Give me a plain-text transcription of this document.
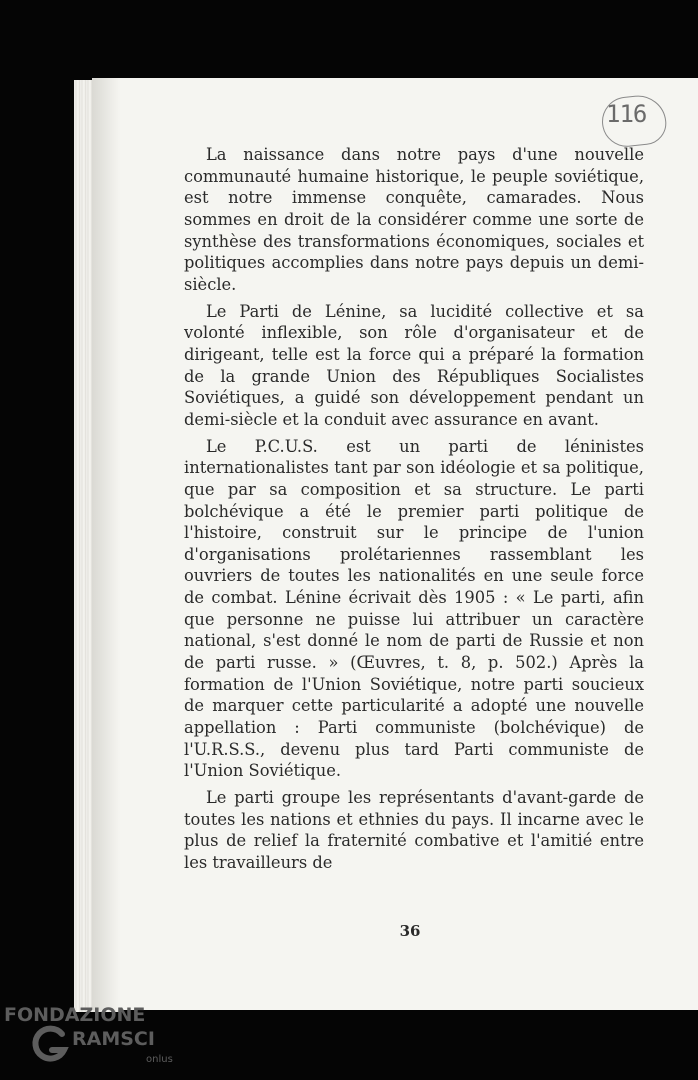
116

La naissance dans notre pays d'une nouvelle communauté humaine historique, le peuple soviétique, est notre immense conquête, camarades. Nous sommes en droit de la considérer comme une sorte de synthèse des transformations économiques, sociales et politiques accomplies dans notre pays depuis un demi-siècle.

Le Parti de Lénine, sa lucidité collective et sa volonté inflexible, son rôle d'organisateur et de dirigeant, telle est la force qui a préparé la formation de la grande Union des Républiques Socialistes Soviétiques, a guidé son développement pendant un demi-siècle et la conduit avec assurance en avant.

Le P.C.U.S. est un parti de léninistes internationalistes tant par son idéologie et sa politique, que par sa composition et sa structure. Le parti bolchévique a été le premier parti politique de l'histoire, construit sur le principe de l'union d'organisations prolétariennes rassemblant les ouvriers de toutes les nationalités en une seule force de combat. Lénine écrivait dès 1905 : « Le parti, afin que personne ne puisse lui attribuer un caractère national, s'est donné le nom de parti de Russie et non de parti russe. » (Œuvres, t. 8, p. 502.) Après la formation de l'Union Soviétique, notre parti soucieux de marquer cette particularité a adopté une nouvelle appellation : Parti communiste (bolchévique) de l'U.R.S.S., devenu plus tard Parti communiste de l'Union Soviétique.

Le parti groupe les représentants d'avant-garde de toutes les nations et ethnies du pays. Il incarne avec le plus de relief la fraternité combative et l'amitié entre les travailleurs de

36
FONDAZIONE
RAMSCI
onlus
